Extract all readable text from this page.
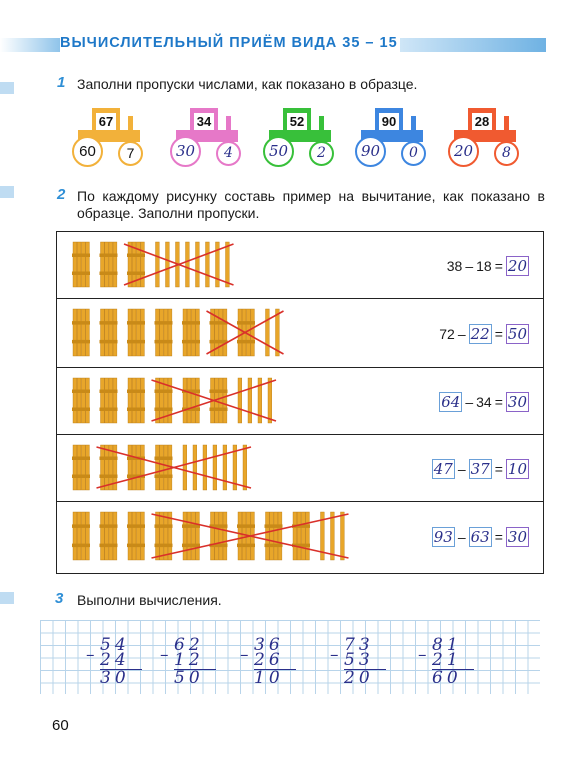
ВЫЧИСЛИТЕЛЬНЫЙ ПРИЁМ ВИДА 35 – 15
1 Заполни пропуски числами, как показано в образце.
67
60	7
34
30	4
52
50	2
90
90	0
28
20	8
2 По каждому рисунку составь пример на вычитание, как показано в образце. Заполни пропуски.
38 – 18 = 20
72 – 22 = 50
64 – 34 = 30
47 – 37 = 10
93 – 63 = 30
3 Выполни вычисления.
– 54
24
30
– 62
12
50
– 36
26
10
– 73
53
20
– 81
21
60
60
